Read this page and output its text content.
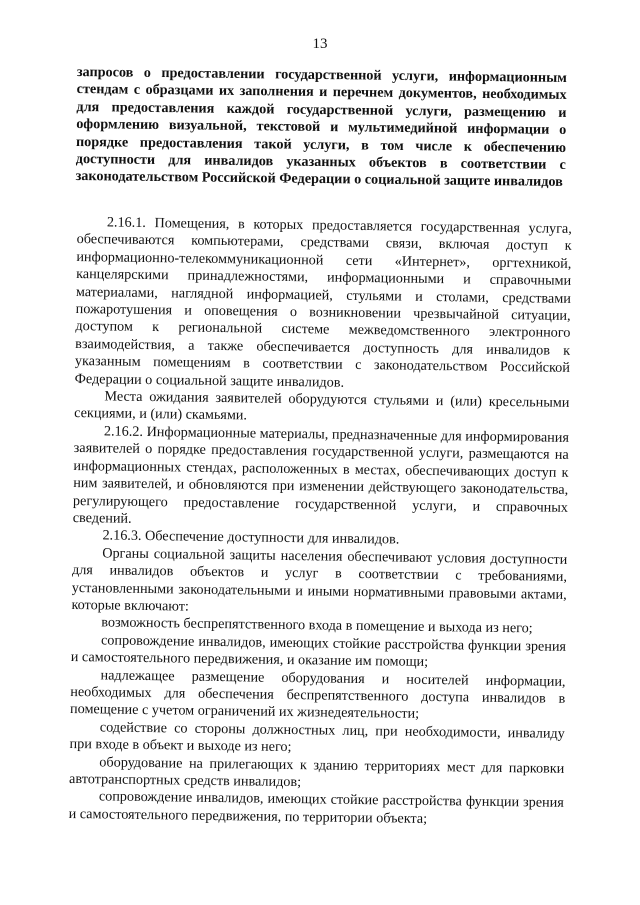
13
запросов о предоставлении государственной услуги, информационным стендам с образцами их заполнения и перечнем документов, необходимых для предоставления каждой государственной услуги, размещению и оформлению визуальной, текстовой и мультимедийной информации о порядке предоставления такой услуги, в том числе к обеспечению доступности для инвалидов указанных объектов в соответствии с законодательством Российской Федерации о социальной защите инвалидов

2.16.1. Помещения, в которых предоставляется государственная услуга, обеспечиваются компьютерами, средствами связи, включая доступ к информационно-телекоммуникационной сети «Интернет», оргтехникой, канцелярскими принадлежностями, информационными и справочными материалами, наглядной информацией, стульями и столами, средствами пожаротушения и оповещения о возникновении чрезвычайной ситуации, доступом к региональной системе межведомственного электронного взаимодействия, а также обеспечивается доступность для инвалидов к указанным помещениям в соответствии с законодательством Российской Федерации о социальной защите инвалидов.

Места ожидания заявителей оборудуются стульями и (или) кресельными секциями, и (или) скамьями.

2.16.2. Информационные материалы, предназначенные для информирования заявителей о порядке предоставления государственной услуги, размещаются на информационных стендах, расположенных в местах, обеспечивающих доступ к ним заявителей, и обновляются при изменении действующего законодательства, регулирующего предоставление государственной услуги, и справочных сведений.

2.16.3. Обеспечение доступности для инвалидов.

Органы социальной защиты населения обеспечивают условия доступности для инвалидов объектов и услуг в соответствии с требованиями, установленными законодательными и иными нормативными правовыми актами, которые включают:

возможность беспрепятственного входа в помещение и выхода из него;

сопровождение инвалидов, имеющих стойкие расстройства функции зрения и самостоятельного передвижения, и оказание им помощи;

надлежащее размещение оборудования и носителей информации, необходимых для обеспечения беспрепятственного доступа инвалидов в помещение с учетом ограничений их жизнедеятельности;

содействие со стороны должностных лиц, при необходимости, инвалиду при входе в объект и выходе из него;

оборудование на прилегающих к зданию территориях мест для парковки автотранспортных средств инвалидов;

сопровождение инвалидов, имеющих стойкие расстройства функции зрения и самостоятельного передвижения, по территории объекта;
